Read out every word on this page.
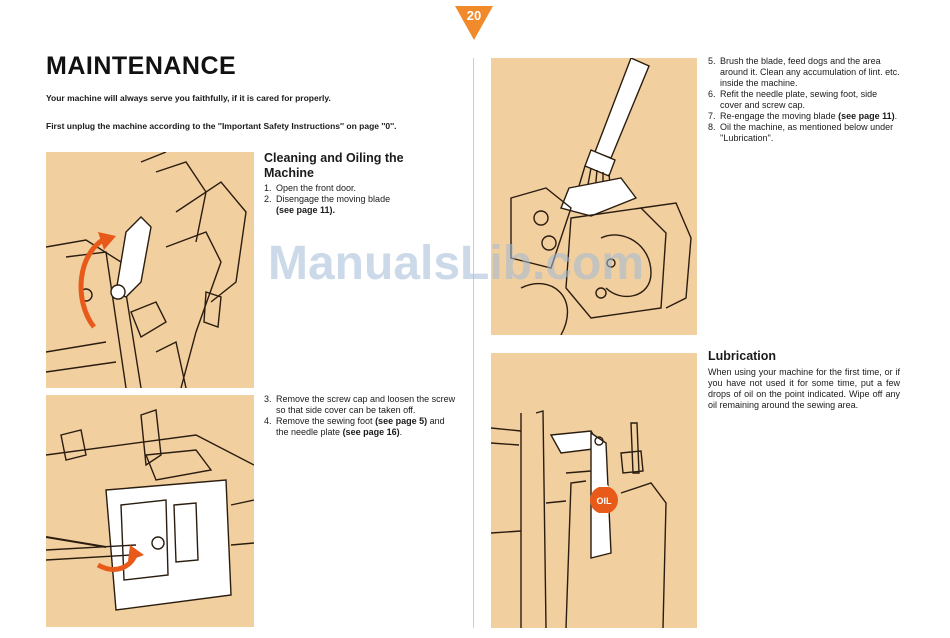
20
MAINTENANCE
Your machine will always serve you faithfully, if it is cared for properly.
First unplug the machine according to the ''Important Safety Instructions'' on page ''0''.
OIL
Cleaning and Oiling the Machine
1. Open the front door.
2. Disengage the moving blade
(see page 11).
3. Remove the screw cap and loosen the screw so that side cover can be taken off.
4. Remove the sewing foot (see page 5) and the needle plate (see page 16).
5. Brush the blade, feed dogs and the area around it. Clean any accumulation of lint. etc. inside the machine.
6. Refit the needle plate, sewing foot, side cover and screw cap.
7. Re-engage the moving blade (see page 11).
8. Oil the machine, as mentioned below under ''Lubrication''.
Lubrication
When using your machine for the first time, or if you have not used it for some time, put a few drops of oil on the point indicated. Wipe off any oil remaining around the sewing area.
ManualsLib.com
